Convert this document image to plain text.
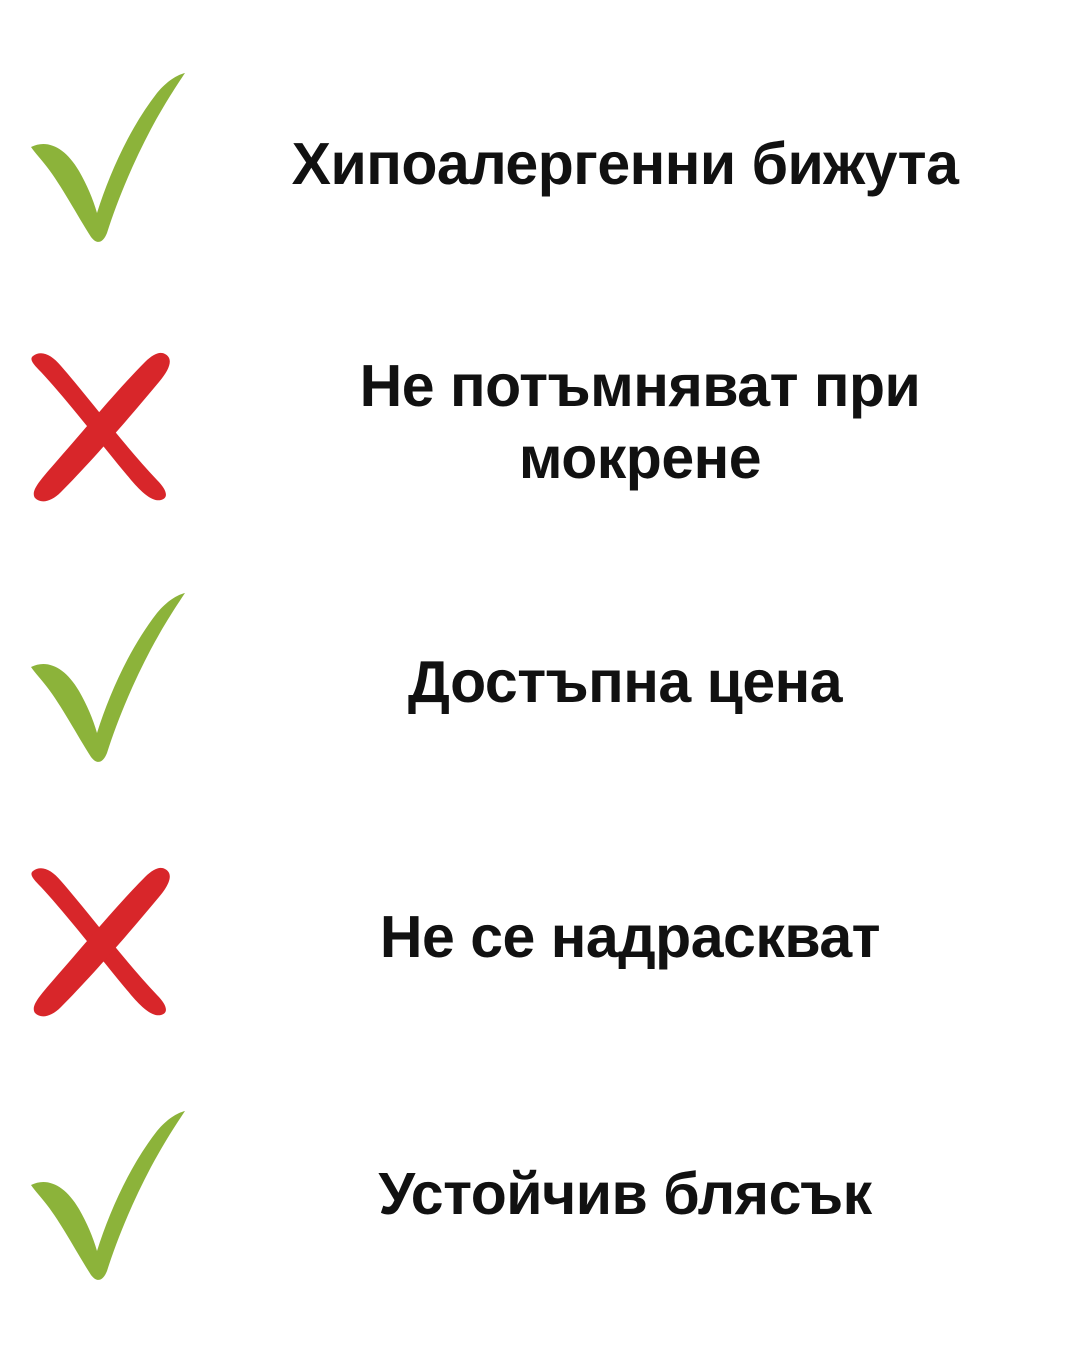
Хипоалергенни бижута
Не потъмняват при мокрене
Достъпна цена
Не се надраскват
Устойчив блясък
